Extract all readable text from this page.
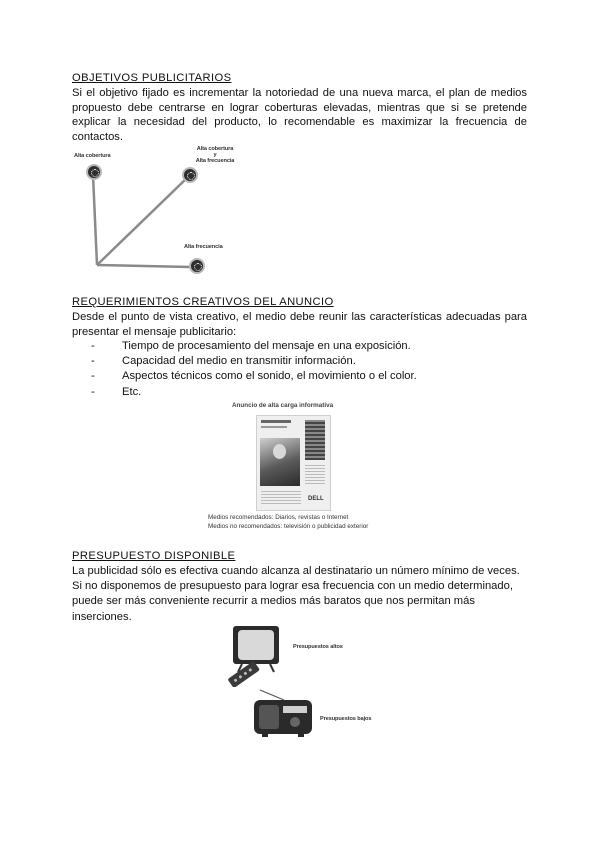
OBJETIVOS PUBLICITARIOS
Si el objetivo fijado es incrementar la notoriedad de una nueva marca, el plan de medios propuesto debe centrarse en lograr coberturas elevadas, mientras que si se pretende explicar la necesidad del producto, lo recomendable es maximizar la frecuencia de contactos.
Alta cobertura
Alta cobertura
y
Alta frecuencia
Alta frecuencia
REQUERIMIENTOS CREATIVOS DEL ANUNCIO
Desde el punto de vista creativo, el medio debe reunir las características adecuadas para presentar el mensaje publicitario:
- Tiempo de procesamiento del mensaje en una exposición.
- Capacidad del medio en transmitir información.
- Aspectos técnicos como el sonido, el movimiento o el color.
- Etc.
Anuncio de alta carga informativa
DELL
Medios recomendados: Diarios, revistas o Internet
Medios no recomendados: televisión o publicidad exterior
PRESUPUESTO DISPONIBLE
La publicidad sólo es efectiva cuando alcanza al destinatario un número mínimo de veces. Si no disponemos de presupuesto para lograr esa frecuencia con un medio determinado, puede ser más conveniente recurrir a medios más baratos que nos permitan más inserciones.
Presupuestos altos
Presupuestos bajos
